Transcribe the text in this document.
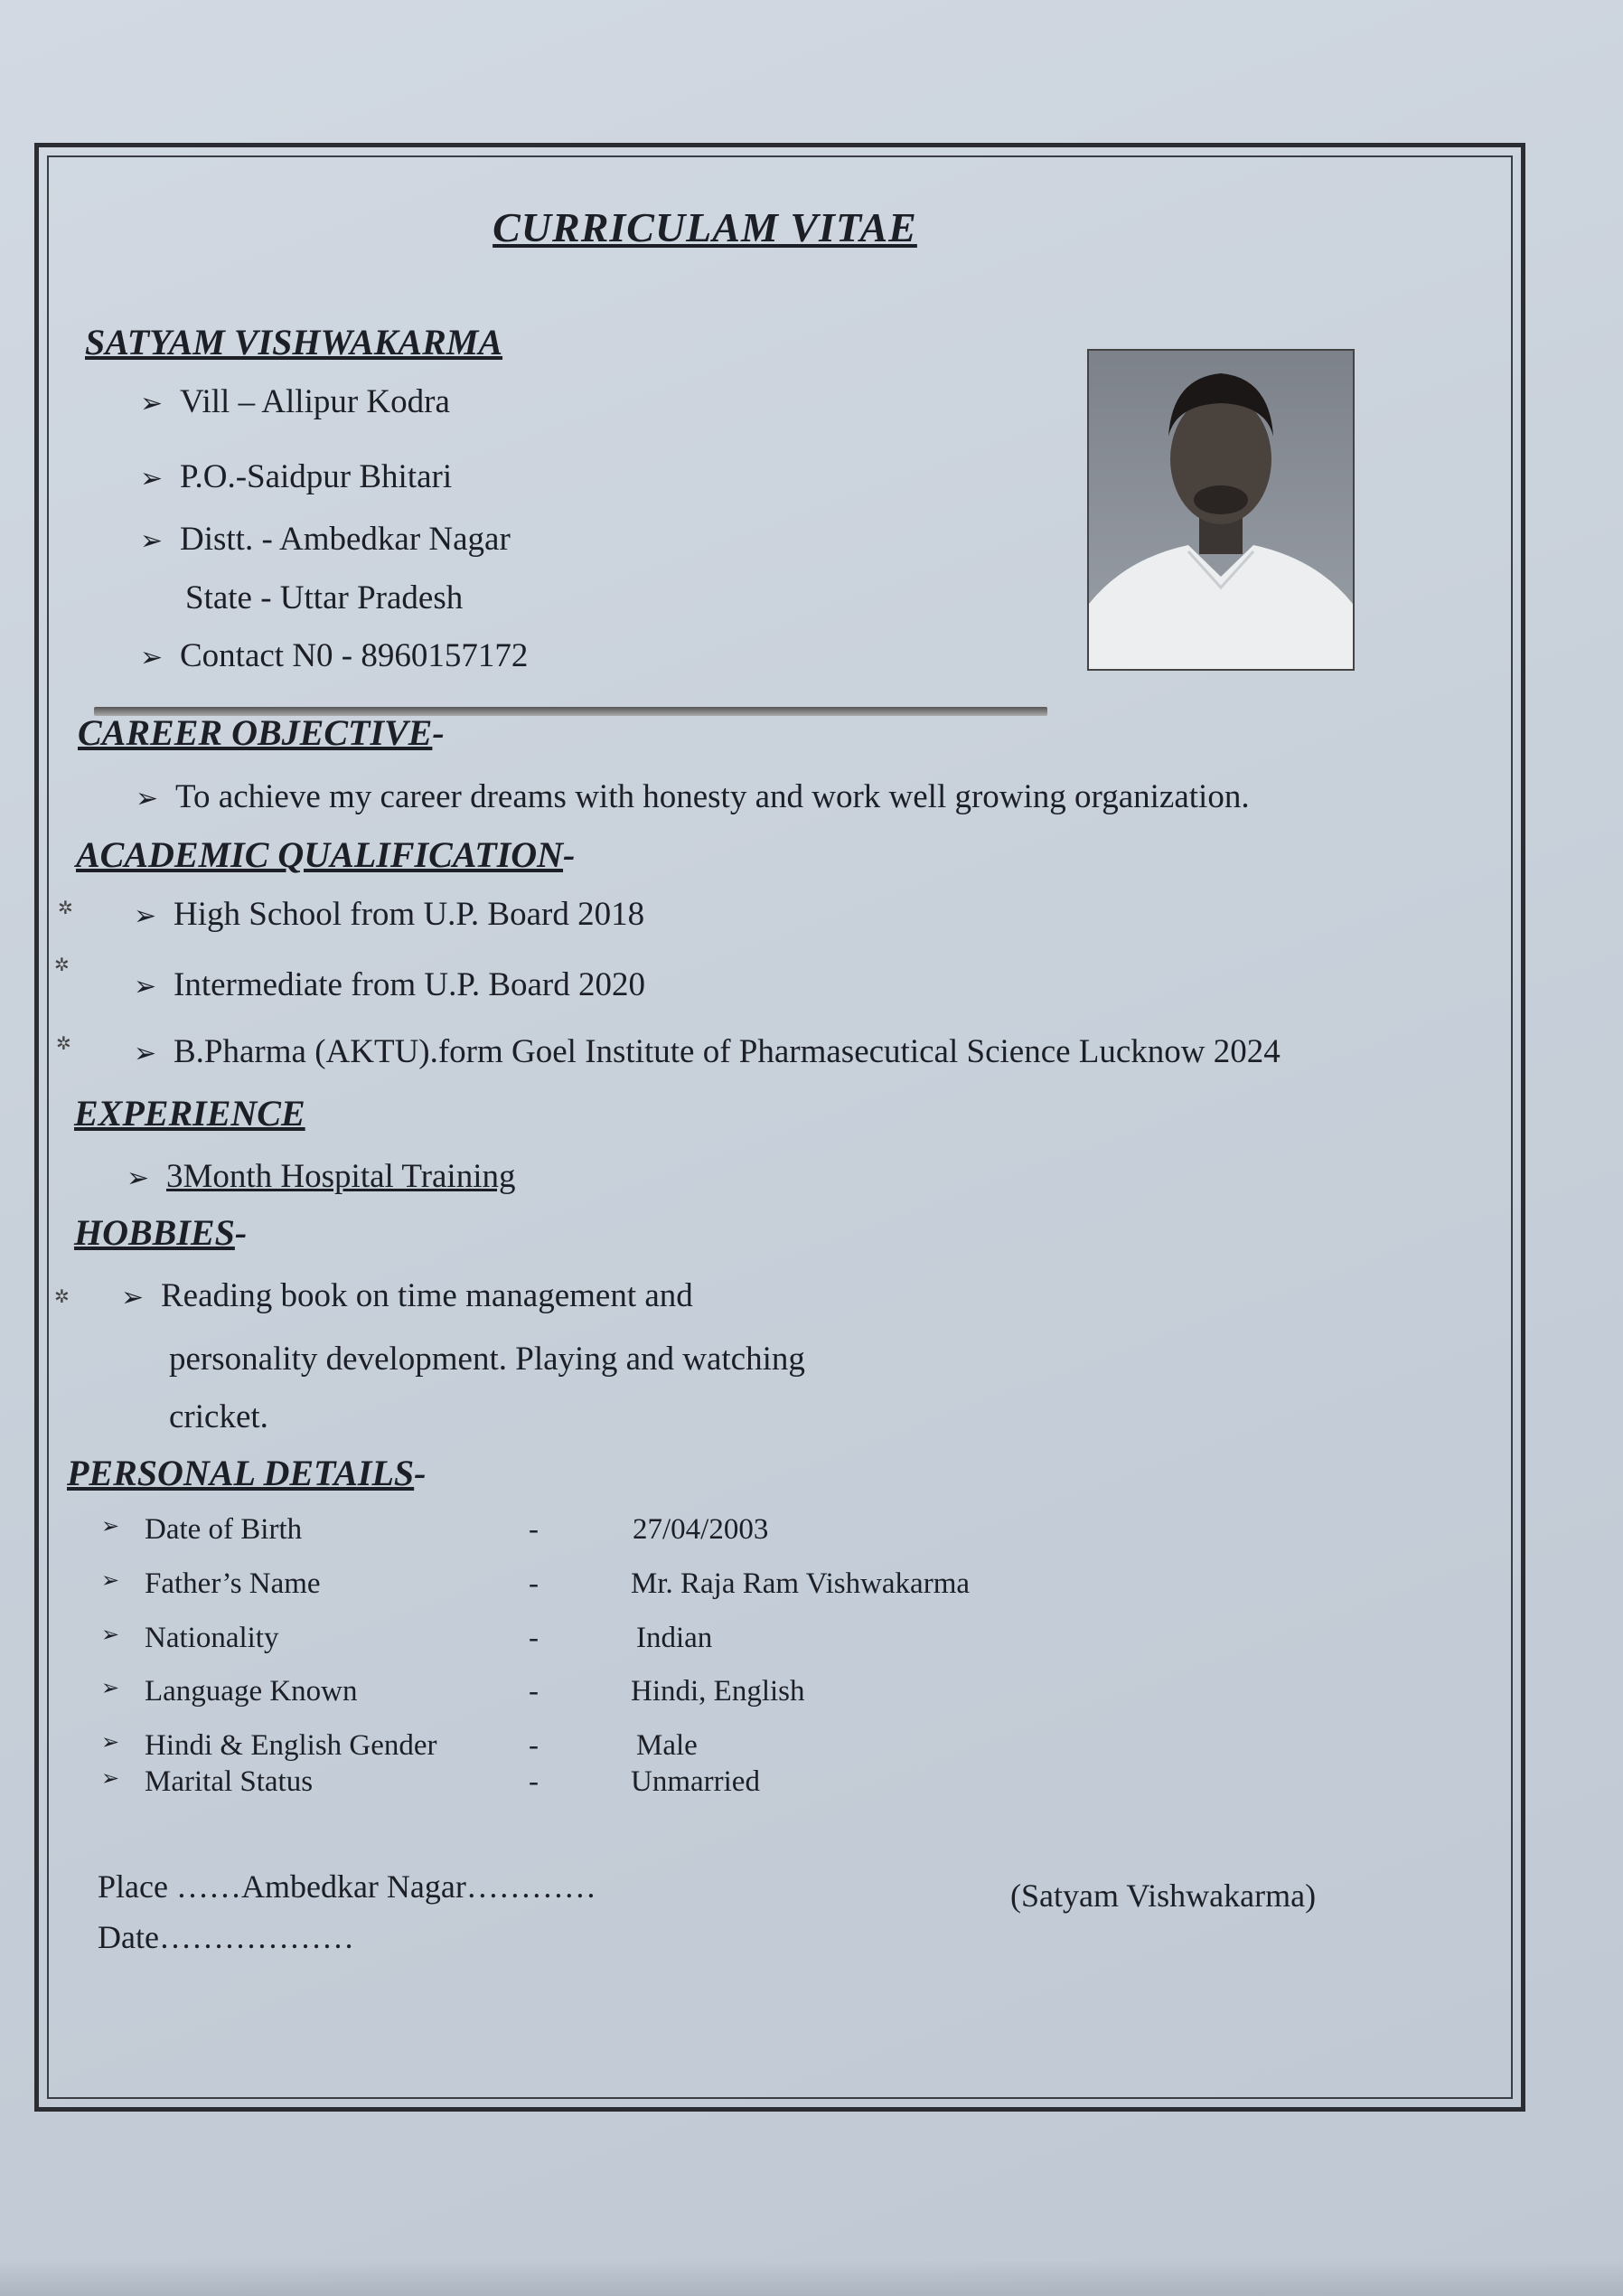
CURRICULAM VITAE
SATYAM VISHWAKARMA
➢ Vill – Allipur Kodra
➢ P.O.-Saidpur Bhitari
➢ Distt. - Ambedkar Nagar
State - Uttar Pradesh
➢ Contact N0 - 8960157172
CAREER OBJECTIVE-
➢ To achieve my career dreams with honesty and work well growing organization.
ACADEMIC QUALIFICATION-
✲ ➢ High School from U.P. Board 2018
✲
➢ Intermediate from U.P. Board 2020
✲ ➢ B.Pharma (AKTU).form Goel Institute of Pharmasecutical Science Lucknow 2024
EXPERIENCE
➢ 3Month Hospital Training
HOBBIES-
✲ ➢ Reading book on time management and
personality development. Playing and watching
cricket.
PERSONAL DETAILS-
➢ Date of Birth	-	27/04/2003
➢ Father’s Name	-	Mr. Raja Ram Vishwakarma
➢ Nationality	-	Indian
➢ Language Known	-	Hindi, English
➢ Hindi & English Gender	-	Male
➢ Marital Status	-	Unmarried
Place ……Ambedkar Nagar…………
Date………………
(Satyam Vishwakarma)
